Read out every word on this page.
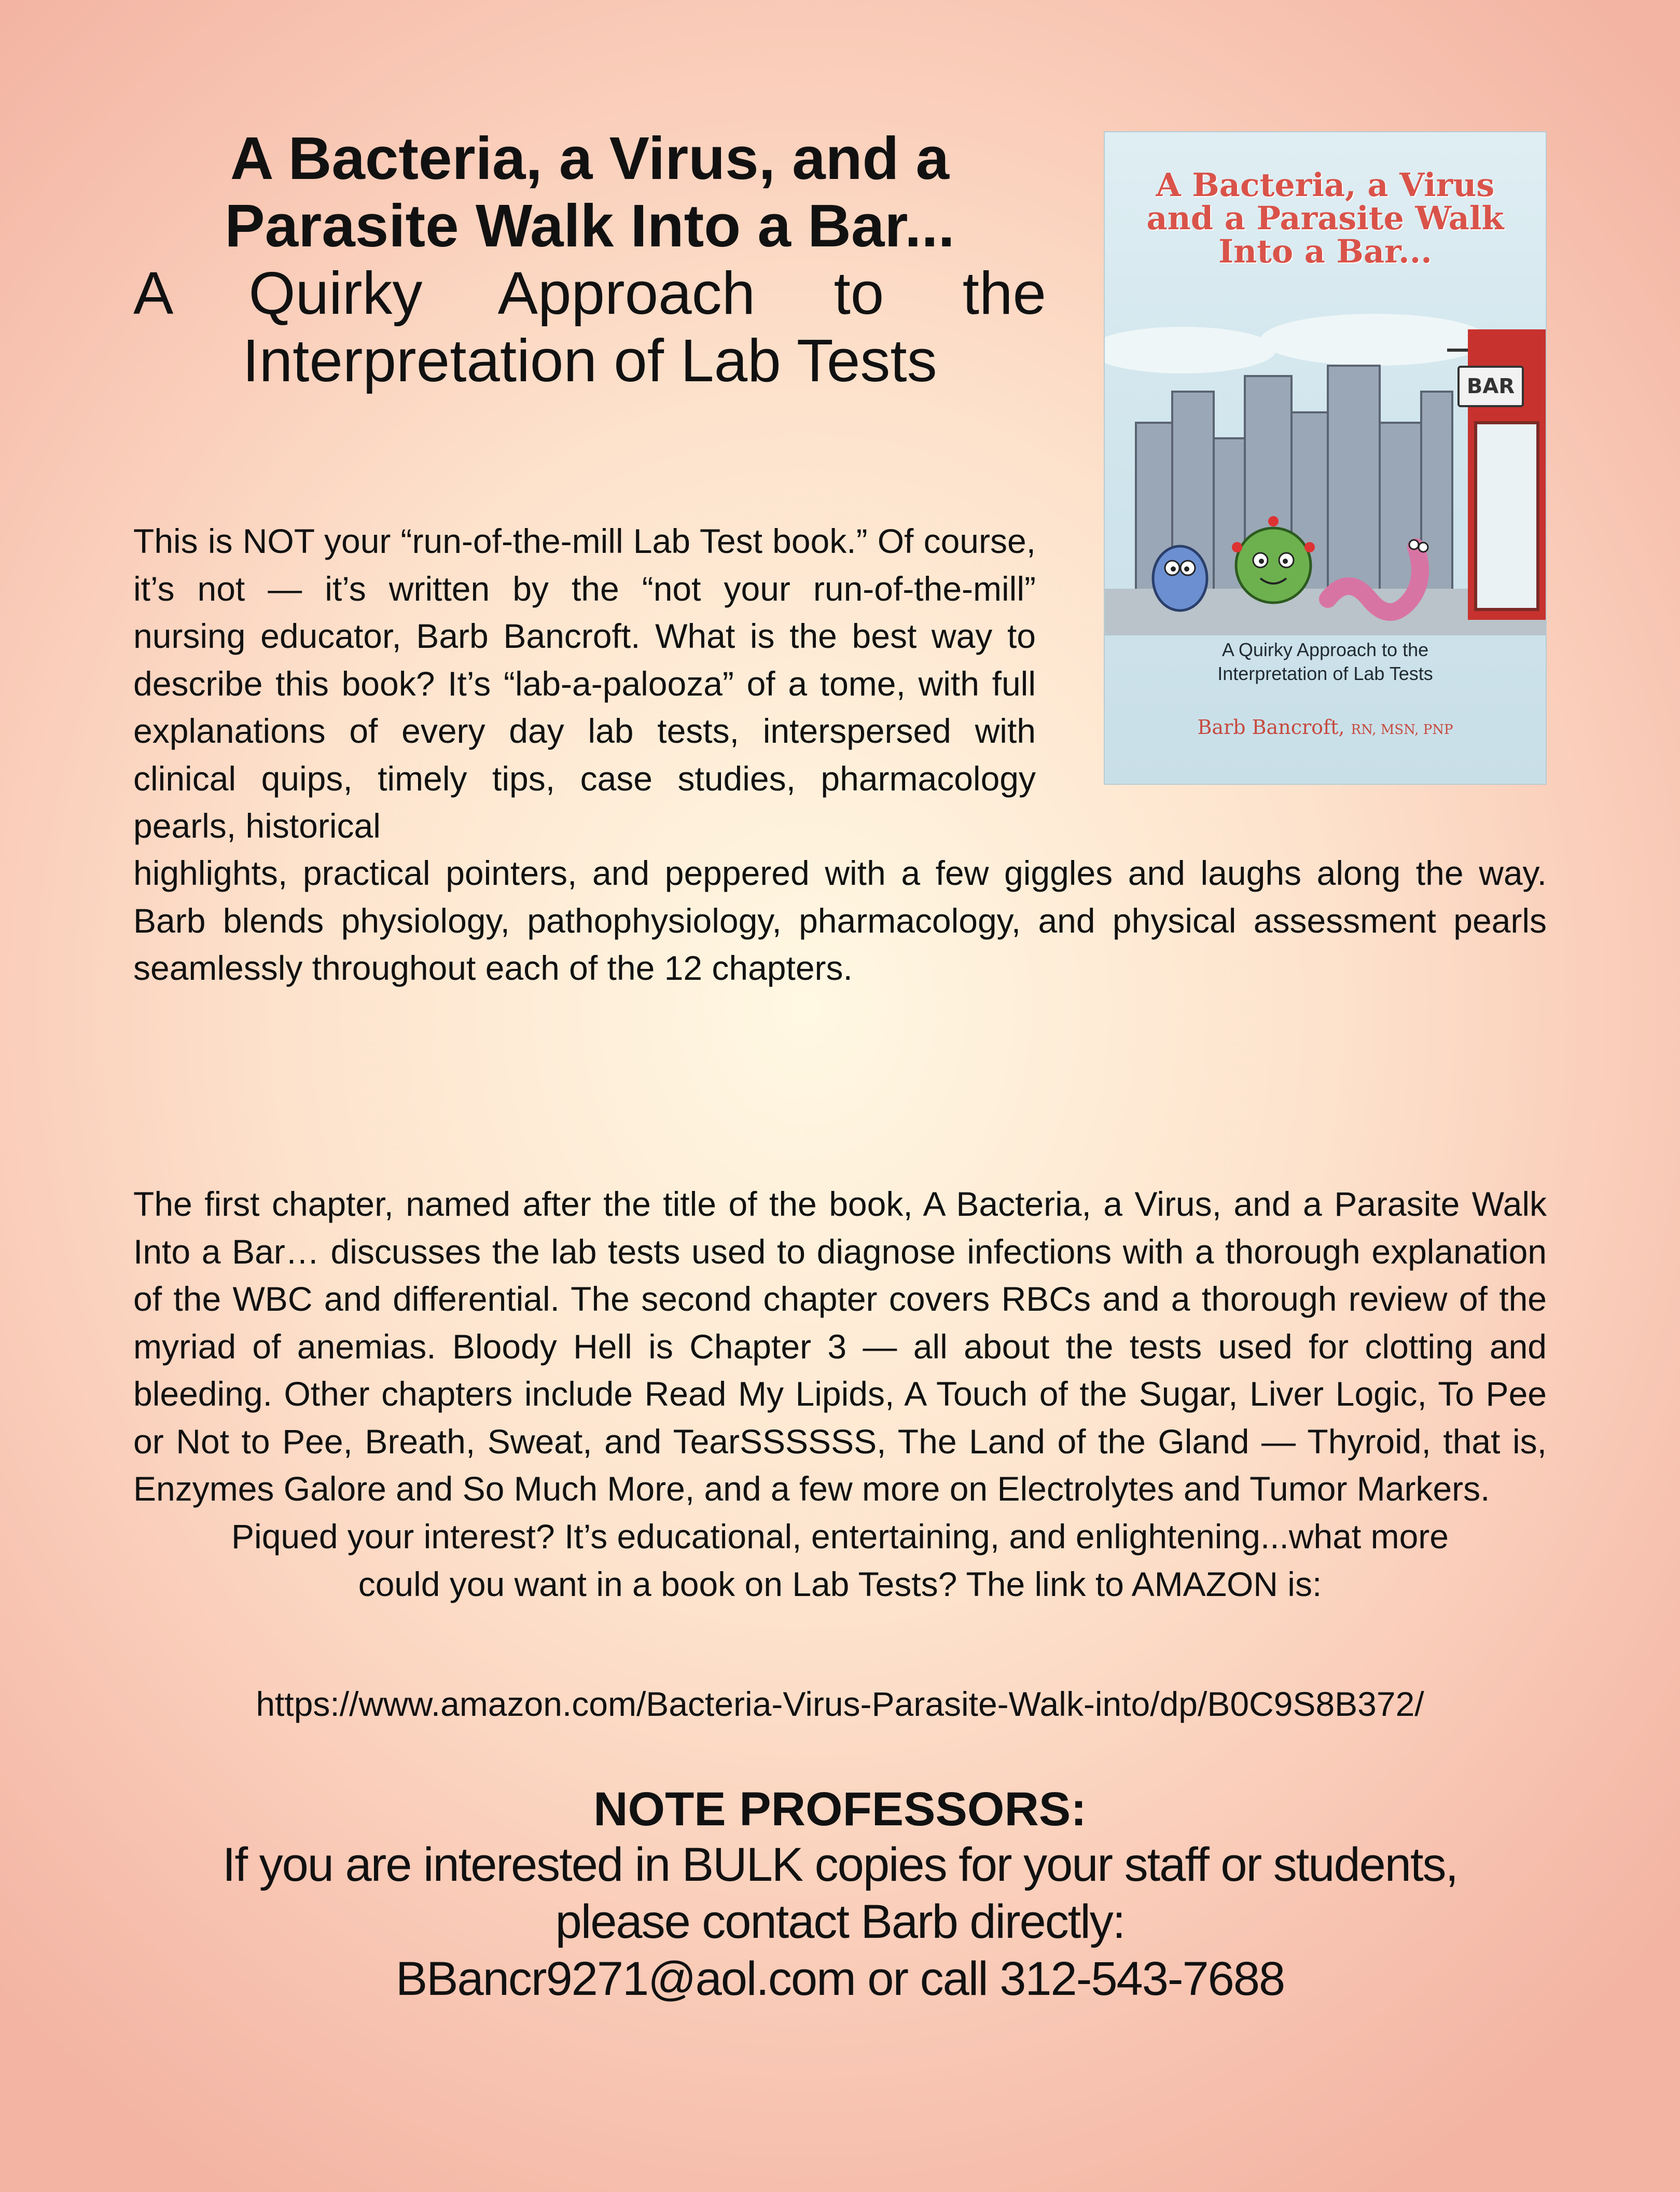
A Bacteria, a Virus, and a
Parasite Walk Into a Bar...

A Quirky Approach to the
Interpretation of Lab Tests

This is NOT your “run-of-the-mill Lab Test book.” Of course, it’s not — it’s written by the “not your run-of-the-mill” nursing educator, Barb Bancroft. What is the best way to describe this book? It’s “lab-a-palooza” of a tome, with full explanations of every day lab tests, interspersed with clinical quips, timely tips, case studies, pharmacology pearls, historical

highlights, practical pointers, and peppered with a few giggles and laughs along the way. Barb blends physiology, pathophysiology, pharmacology, and physical assessment pearls seamlessly throughout each of the 12 chapters.

The first chapter, named after the title of the book, A Bacteria, a Virus, and a Parasite Walk Into a Bar… discusses the lab tests used to diagnose infections with a thorough explanation of the WBC and differential. The second chapter covers RBCs and a thorough review of the myriad of anemias. Bloody Hell is Chapter 3 — all about the tests used for clotting and bleeding. Other chapters include Read My Lipids, A Touch of the Sugar, Liver Logic, To Pee or Not to Pee, Breath, Sweat, and TearSSSSSS, The Land of the Gland — Thyroid, that is, Enzymes Galore and So Much More, and a few more on Electrolytes and Tumor Markers.

Piqued your interest? It’s educational, entertaining, and enlightening...what more
could you want in a book on Lab Tests? The link to AMAZON is:

https://www.amazon.com/Bacteria-Virus-Parasite-Walk-into/dp/B0C9S8B372/

NOTE PROFESSORS:

If you are interested in BULK copies for your staff or students,
please contact Barb directly:
BBancr9271@aol.com or call 312-543-7688

A Bacteria, a Virus
and a Parasite Walk
Into a Bar...
BAR
A Quirky Approach to the
Interpretation of Lab Tests
Barb Bancroft, RN, MSN, PNP
